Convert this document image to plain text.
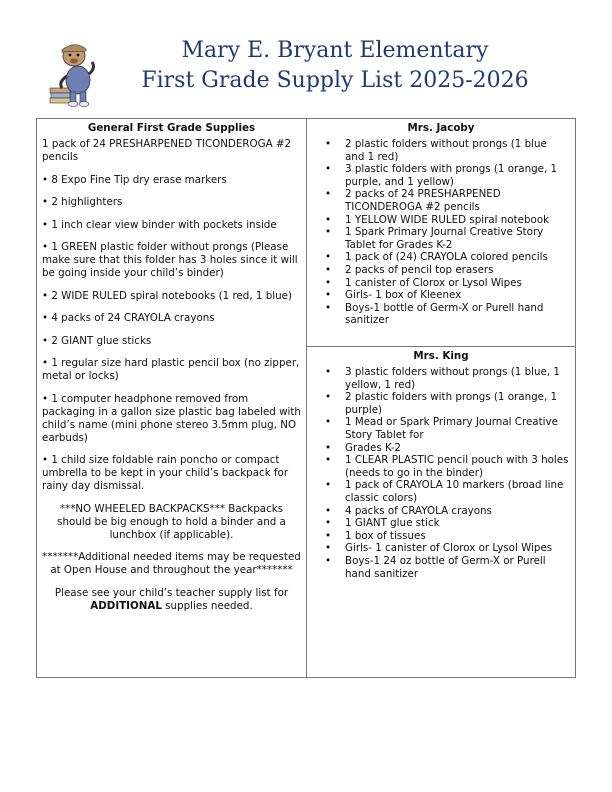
Mary E. Bryant Elementary
First Grade Supply List 2025-2026
General First Grade Supplies

1 pack of 24 PRESHARPENED TICONDEROGA #2 pencils

• 8 Expo Fine Tip dry erase markers

• 2 highlighters

• 1 inch clear view binder with pockets inside

• 1 GREEN plastic folder without prongs (Please make sure that this folder has 3 holes since it will be going inside your child’s binder)

• 2 WIDE RULED spiral notebooks (1 red, 1 blue)

• 4 packs of 24 CRAYOLA crayons

• 2 GIANT glue sticks

• 1 regular size hard plastic pencil box (no zipper, metal or locks)

• 1 computer headphone removed from packaging in a gallon size plastic bag labeled with child’s name (mini phone stereo 3.5mm plug, NO earbuds)

• 1 child size foldable rain poncho or compact umbrella to be kept in your child’s backpack for rainy day dismissal.

***NO WHEELED BACKPACKS*** Backpacks should be big enough to hold a binder and a lunchbox (if applicable).

*******Additional needed items may be requested at Open House and throughout the year*******

Please see your child’s teacher supply list for ADDITIONAL supplies needed.

Mrs. Jacoby
• 2 plastic folders without prongs (1 blue and 1 red)
• 3 plastic folders with prongs (1 orange, 1 purple, and 1 yellow)
• 2 packs of 24 PRESHARPENED TICONDEROGA #2 pencils
• 1 YELLOW WIDE RULED spiral notebook
• 1 Spark Primary Journal Creative Story Tablet for Grades K-2
• 1 pack of (24) CRAYOLA colored pencils
• 2 packs of pencil top erasers
• 1 canister of Clorox or Lysol Wipes
• Girls- 1 box of Kleenex
• Boys-1 bottle of Germ-X or Purell hand sanitizer
Mrs. King
• 3 plastic folders without prongs (1 blue, 1 yellow, 1 red)
• 2 plastic folders with prongs (1 orange, 1 purple)
• 1 Mead or Spark Primary Journal Creative Story Tablet for
• Grades K-2
• 1 CLEAR PLASTIC pencil pouch with 3 holes (needs to go in the binder)
• 1 pack of CRAYOLA 10 markers (broad line classic colors)
• 4 packs of CRAYOLA crayons
• 1 GIANT glue stick
• 1 box of tissues
• Girls- 1 canister of Clorox or Lysol Wipes
• Boys-1 24 oz bottle of Germ-X or Purell hand sanitizer
